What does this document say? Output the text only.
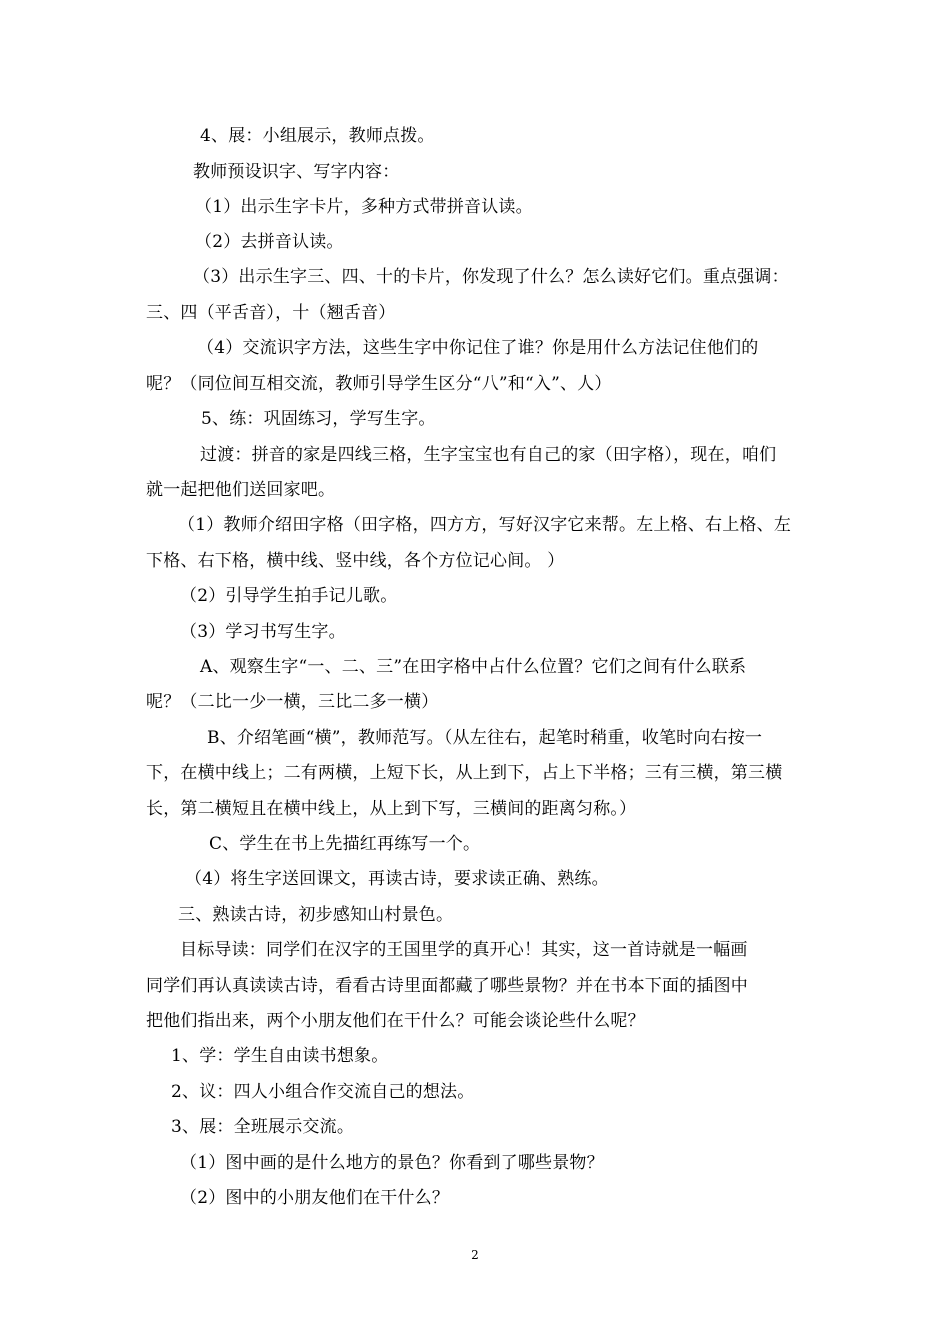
4、展：小组展示，教师点拨。
教师预设识字、写字内容：
（1）出示生字卡片，多种方式带拼音认读。
（2）去拼音认读。
（3）出示生字三、四、十的卡片，你发现了什么？怎么读好它们。重点强调：
三、四（平舌音），十（翘舌音）
（4）交流识字方法，这些生字中你记住了谁？你是用什么方法记住他们的
呢？（同位间互相交流，教师引导学生区分“八”和“入”、人）
5、练：巩固练习，学写生字。
过渡：拼音的家是四线三格，生字宝宝也有自己的家（田字格），现在，咱们
就一起把他们送回家吧。
（1）教师介绍田字格（田字格，四方方，写好汉字它来帮。左上格、右上格、左
下格、右下格，横中线、竖中线，各个方位记心间。 ）
（2）引导学生拍手记儿歌。
（3）学习书写生字。
A、观察生字“一、二、三”在田字格中占什么位置？它们之间有什么联系
呢？（二比一少一横，三比二多一横）
B、介绍笔画“横”，教师范写。（从左往右，起笔时稍重，收笔时向右按一
下，在横中线上；二有两横，上短下长，从上到下，占上下半格；三有三横，第三横
长，第二横短且在横中线上，从上到下写，三横间的距离匀称。）
C、学生在书上先描红再练写一个。
（4）将生字送回课文，再读古诗，要求读正确、熟练。
三、熟读古诗，初步感知山村景色。
目标导读：同学们在汉字的王国里学的真开心！其实，这一首诗就是一幅画
同学们再认真读读古诗，看看古诗里面都藏了哪些景物？并在书本下面的插图中
把他们指出来，两个小朋友他们在干什么？可能会谈论些什么呢？
1、学：学生自由读书想象。
2、议：四人小组合作交流自己的想法。
3、展：全班展示交流。
（1）图中画的是什么地方的景色？你看到了哪些景物？
（2）图中的小朋友他们在干什么？
2
